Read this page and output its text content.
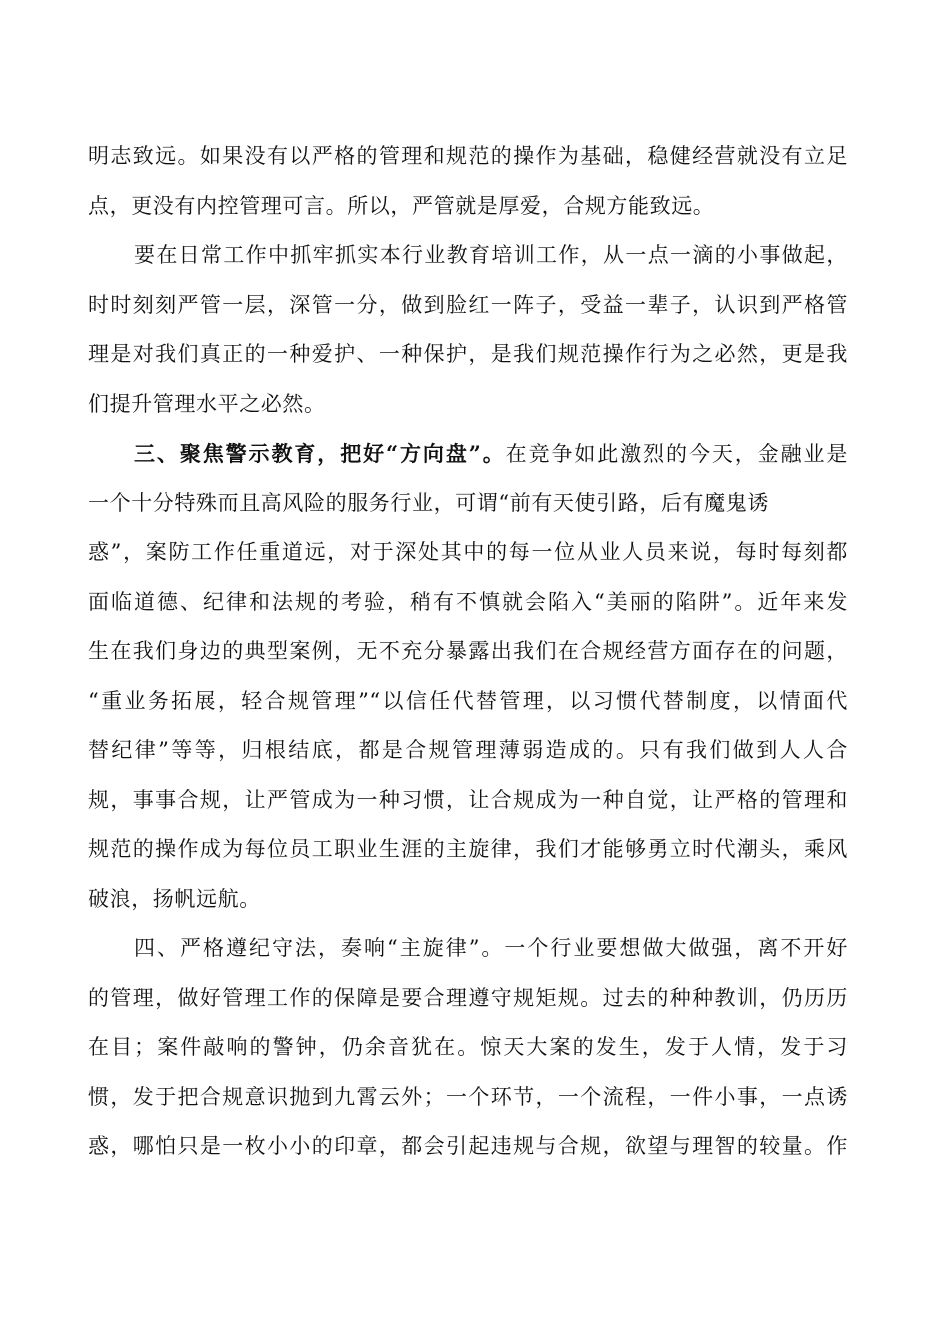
明志致远。如果没有以严格的管理和规范的操作为基础，稳健经营就没有立足
点，更没有内控管理可言。所以，严管就是厚爱，合规方能致远。
要在日常工作中抓牢抓实本行业教育培训工作，从一点一滴的小事做起，
时时刻刻严管一层，深管一分，做到脸红一阵子，受益一辈子，认识到严格管
理是对我们真正的一种爱护、一种保护，是我们规范操作行为之必然，更是我
们提升管理水平之必然。
三、聚焦警示教育，把好“方向盘”。在竞争如此激烈的今天，金融业是
一个十分特殊而且高风险的服务行业，可谓“前有天使引路，后有魔鬼诱
惑”，案防工作任重道远，对于深处其中的每一位从业人员来说，每时每刻都
面临道德、纪律和法规的考验，稍有不慎就会陷入“美丽的陷阱”。近年来发
生在我们身边的典型案例，无不充分暴露出我们在合规经营方面存在的问题，
“重业务拓展，轻合规管理”“以信任代替管理，以习惯代替制度，以情面代
替纪律”等等，归根结底，都是合规管理薄弱造成的。只有我们做到人人合
规，事事合规，让严管成为一种习惯，让合规成为一种自觉，让严格的管理和
规范的操作成为每位员工职业生涯的主旋律，我们才能够勇立时代潮头，乘风
破浪，扬帆远航。
四、严格遵纪守法，奏响“主旋律”。一个行业要想做大做强，离不开好
的管理，做好管理工作的保障是要合理遵守规矩规。过去的种种教训，仍历历
在目；案件敲响的警钟，仍余音犹在。惊天大案的发生，发于人情，发于习
惯，发于把合规意识抛到九霄云外；一个环节，一个流程，一件小事，一点诱
惑，哪怕只是一枚小小的印章，都会引起违规与合规，欲望与理智的较量。作
